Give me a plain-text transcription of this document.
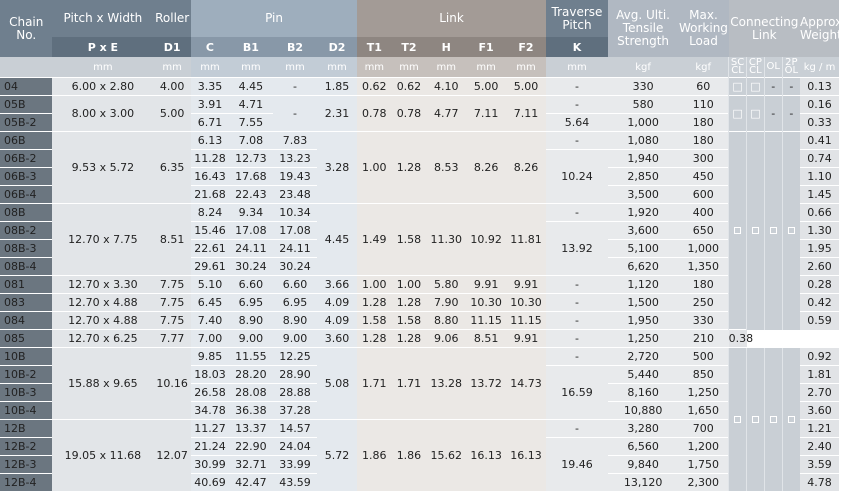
Chain No.	Pitch x Width	Roller	Pin				Link					Traverse Pitch	Avg. Ulti. Tensile Strength	Max. Working Load	Connecting Link				Approx. Weight
	P x E	D1	C	B1	B2	D2	T1	T2	H	F1	F2	K							
	mm	mm	mm	mm	mm	mm	mm	mm	mm	mm	mm	mm	kgf	kgf	SC CL	CP CL	OL	2P OL	kg / m
04	6.00 x 2.80	4.00	3.35	4.45	-	1.85	0.62	0.62	4.10	5.00	5.00	-	330	60	□	□	-	-	0.13
05B	8.00 x 3.00	5.00	3.91	4.71	-	2.31	0.78	0.78	4.77	7.11	7.11	-	580	110	□	□	-	-	0.16
05B-2			6.71	7.55								5.64	1,000	180					0.33
06B	9.53 x 5.72	6.35	6.13	7.08	7.83	3.28	1.00	1.28	8.53	8.26	8.26	-	1,080	180					0.41
06B-2			11.28	12.73	13.23							10.24	1,940	300					0.74
06B-3			16.43	17.68	19.43								2,850	450					1.10
06B-4			21.68	22.43	23.48								3,500	600					1.45
08B	12.70 x 7.75	8.51	8.24	9.34	10.34	4.45	1.49	1.58	11.30	10.92	11.81	-	1,920	400					0.66
08B-2			15.46	17.08	17.08							13.92	3,600	650					1.30
08B-3			22.61	24.11	24.11								5,100	1,000					1.95
08B-4			29.61	30.24	30.24								6,620	1,350					2.60
081	12.70 x 3.30	7.75	5.10	6.60	6.60	3.66	1.00	1.00	5.80	9.91	9.91	-	1,120	180					0.28
083	12.70 x 4.88	7.75	6.45	6.95	6.95	4.09	1.28	1.28	7.90	10.30	10.30	-	1,500	250					0.42
084	12.70 x 4.88	7.75	7.40	8.90	8.90	4.09	1.58	1.58	8.80	11.15	11.15	-	1,950	330					0.59
085	12.70 x 6.25	7.77	7.00	9.00	9.00	3.60	1.28	1.28	9.06	8.51	9.91	-	1,250	210	0.38				
10B	15.88 x 9.65	10.16	9.85	11.55	12.25	5.08	1.71	1.71	13.28	13.72	14.73	-	2,720	500					0.92
10B-2			18.03	28.20	28.90							16.59	5,440	850					1.81
10B-3			26.58	28.08	28.88								8,160	1,250					2.70
10B-4			34.78	36.38	37.28								10,880	1,650					3.60
12B	19.05 x 11.68	12.07	11.27	13.37	14.57	5.72	1.86	1.86	15.62	16.13	16.13	-	3,280	700					1.21
12B-2			21.24	22.90	24.04							19.46	6,560	1,200					2.40
12B-3			30.99	32.71	33.99								9,840	1,750					3.59
12B-4			40.69	42.47	43.59								13,120	2,300					4.78
